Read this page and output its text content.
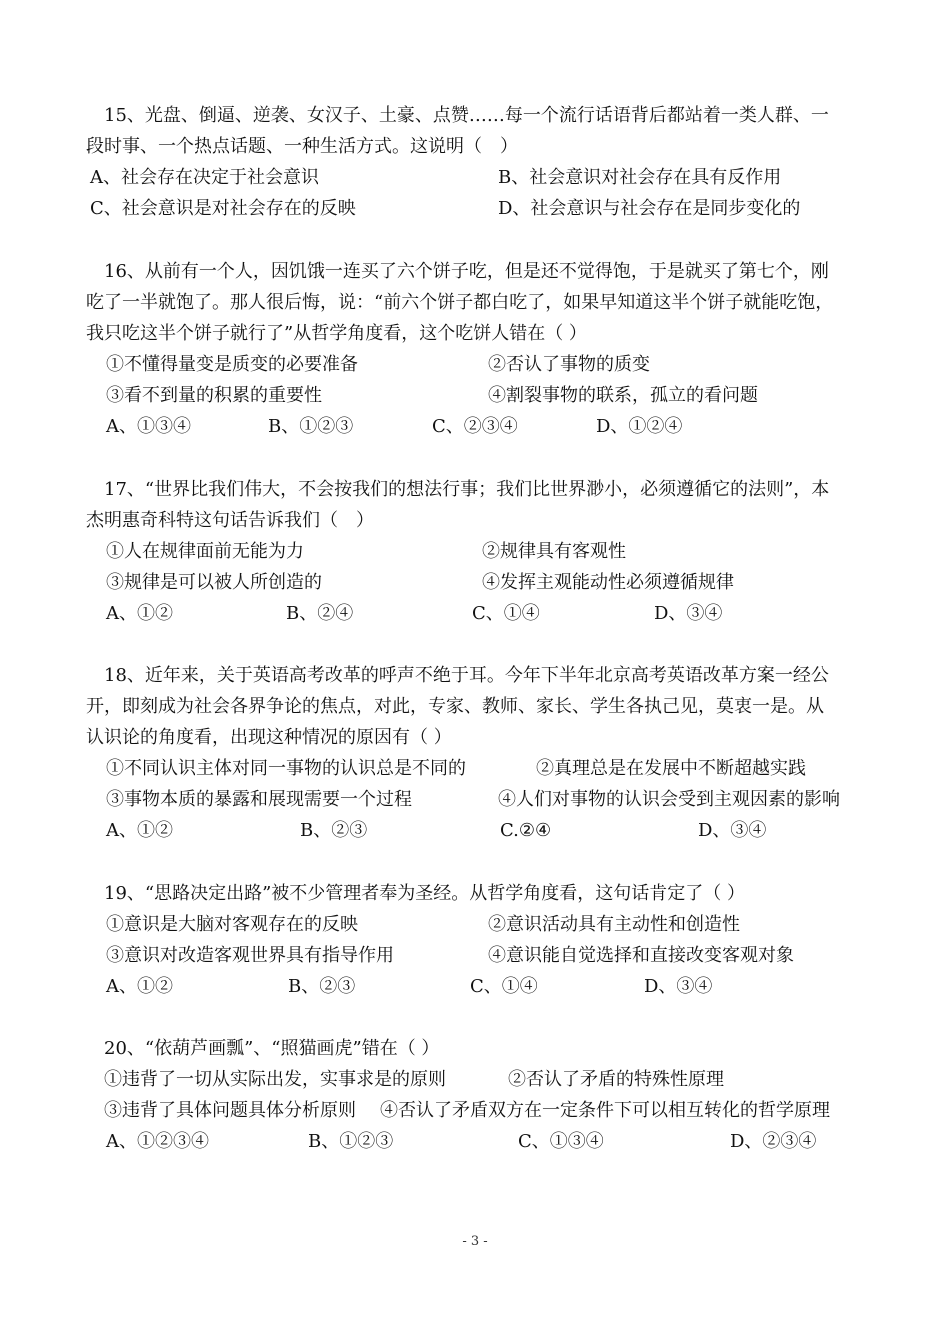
　15、光盘、倒逼、逆袭、女汉子、土豪、点赞……每一个流行话语背后都站着一类人群、一
段时事、一个热点话题、一种生活方式。这说明（　）
A、社会存在决定于社会意识	B、社会意识对社会存在具有反作用
C、社会意识是对社会存在的反映	D、社会意识与社会存在是同步变化的
　16、从前有一个人，因饥饿一连买了六个饼子吃，但是还不觉得饱，于是就买了第七个，刚
吃了一半就饱了。那人很后悔，说：“前六个饼子都白吃了，如果早知道这半个饼子就能吃饱，
我只吃这半个饼子就行了”从哲学角度看，这个吃饼人错在（ ）
①不懂得量变是质变的必要准备	②否认了事物的质变
③看不到量的积累的重要性	④割裂事物的联系，孤立的看问题
A、①③④	B、①②③	C、②③④	D、①②④
　17、“世界比我们伟大，不会按我们的想法行事；我们比世界渺小，必须遵循它的法则”，本
杰明惠奇科特这句话告诉我们（　）
①人在规律面前无能为力	②规律具有客观性
③规律是可以被人所创造的	④发挥主观能动性必须遵循规律
A、①②	B、②④	C、①④	D、③④
　18、近年来，关于英语高考改革的呼声不绝于耳。今年下半年北京高考英语改革方案一经公
开，即刻成为社会各界争论的焦点，对此，专家、教师、家长、学生各执己见，莫衷一是。从
认识论的角度看，出现这种情况的原因有（ ）
①不同认识主体对同一事物的认识总是不同的	②真理总是在发展中不断超越实践
③事物本质的暴露和展现需要一个过程	④人们对事物的认识会受到主观因素的影响
A、①②	B、②③	C.②④	D、③④
　19、“思路决定出路”被不少管理者奉为圣经。从哲学角度看，这句话肯定了（ ）
①意识是大脑对客观存在的反映	②意识活动具有主动性和创造性
③意识对改造客观世界具有指导作用	④意识能自觉选择和直接改变客观对象
A、①②	B、②③	C、①④	D、③④
20、“依葫芦画瓢”、“照猫画虎”错在（ ）
①违背了一切从实际出发，实事求是的原则	②否认了矛盾的特殊性原理
③违背了具体问题具体分析原则 ④否认了矛盾双方在一定条件下可以相互转化的哲学原理
A、①②③④	B、①②③	C、①③④	D、②③④
- 3 -
